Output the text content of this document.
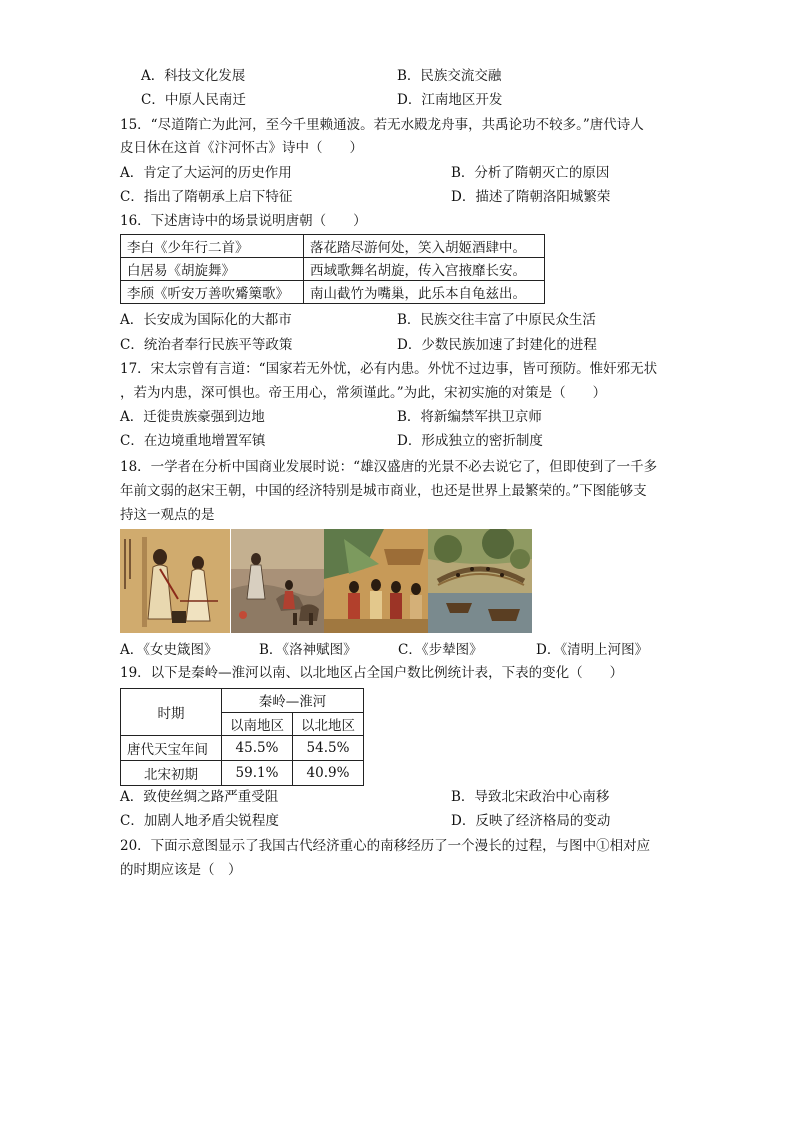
A．科技文化发展	B．民族交流交融
C．中原人民南迁	D．江南地区开发
15．“尽道隋亡为此河，至今千里赖通波。若无水殿龙舟事，共禹论功不较多。”唐代诗人
皮日休在这首《汴河怀古》诗中（　　）
A．肯定了大运河的历史作用	B．分析了隋朝灭亡的原因
C．指出了隋朝承上启下特征	D．描述了隋朝洛阳城繁荣
16．下述唐诗中的场景说明唐朝（　　）
李白《少年行二首》	落花踏尽游何处，笑入胡姬酒肆中。
白居易《胡旋舞》	西域歌舞名胡旋，传入宫掖靡长安。
李颀《听安万善吹觱篥歌》	南山截竹为嘴巢，此乐本自龟兹出。
A．长安成为国际化的大都市	B．民族交往丰富了中原民众生活
C．统治者奉行民族平等政策	D．少数民族加速了封建化的进程
17．宋太宗曾有言道：“国家若无外忧，必有内患。外忧不过边事，皆可预防。惟奸邪无状
，若为内患，深可惧也。帝王用心，常须谨此。”为此，宋初实施的对策是（　　）
A．迁徙贵族豪强到边地	B．将新编禁军拱卫京师
C．在边境重地增置军镇	D．形成独立的密折制度
18．一学者在分析中国商业发展时说：“雄汉盛唐的光景不必去说它了，但即使到了一千多
年前文弱的赵宋王朝，中国的经济特别是城市商业，也还是世界上最繁荣的。”下图能够支
持这一观点的是
A．《女史箴图》	B．《洛神赋图》	C．《步辇图》	D．《清明上河图》
19．以下是秦岭—淮河以南、以北地区占全国户数比例统计表，下表的变化（　　）
时期	秦岭—淮河	
	以南地区	以北地区
唐代天宝年间	45.5%	54.5%
北宋初期	59.1%	40.9%
A．致使丝绸之路严重受阻	B．导致北宋政治中心南移
C．加剧人地矛盾尖锐程度	D．反映了经济格局的变动
20．下面示意图显示了我国古代经济重心的南移经历了一个漫长的过程，与图中①相对应
的时期应该是（　）
